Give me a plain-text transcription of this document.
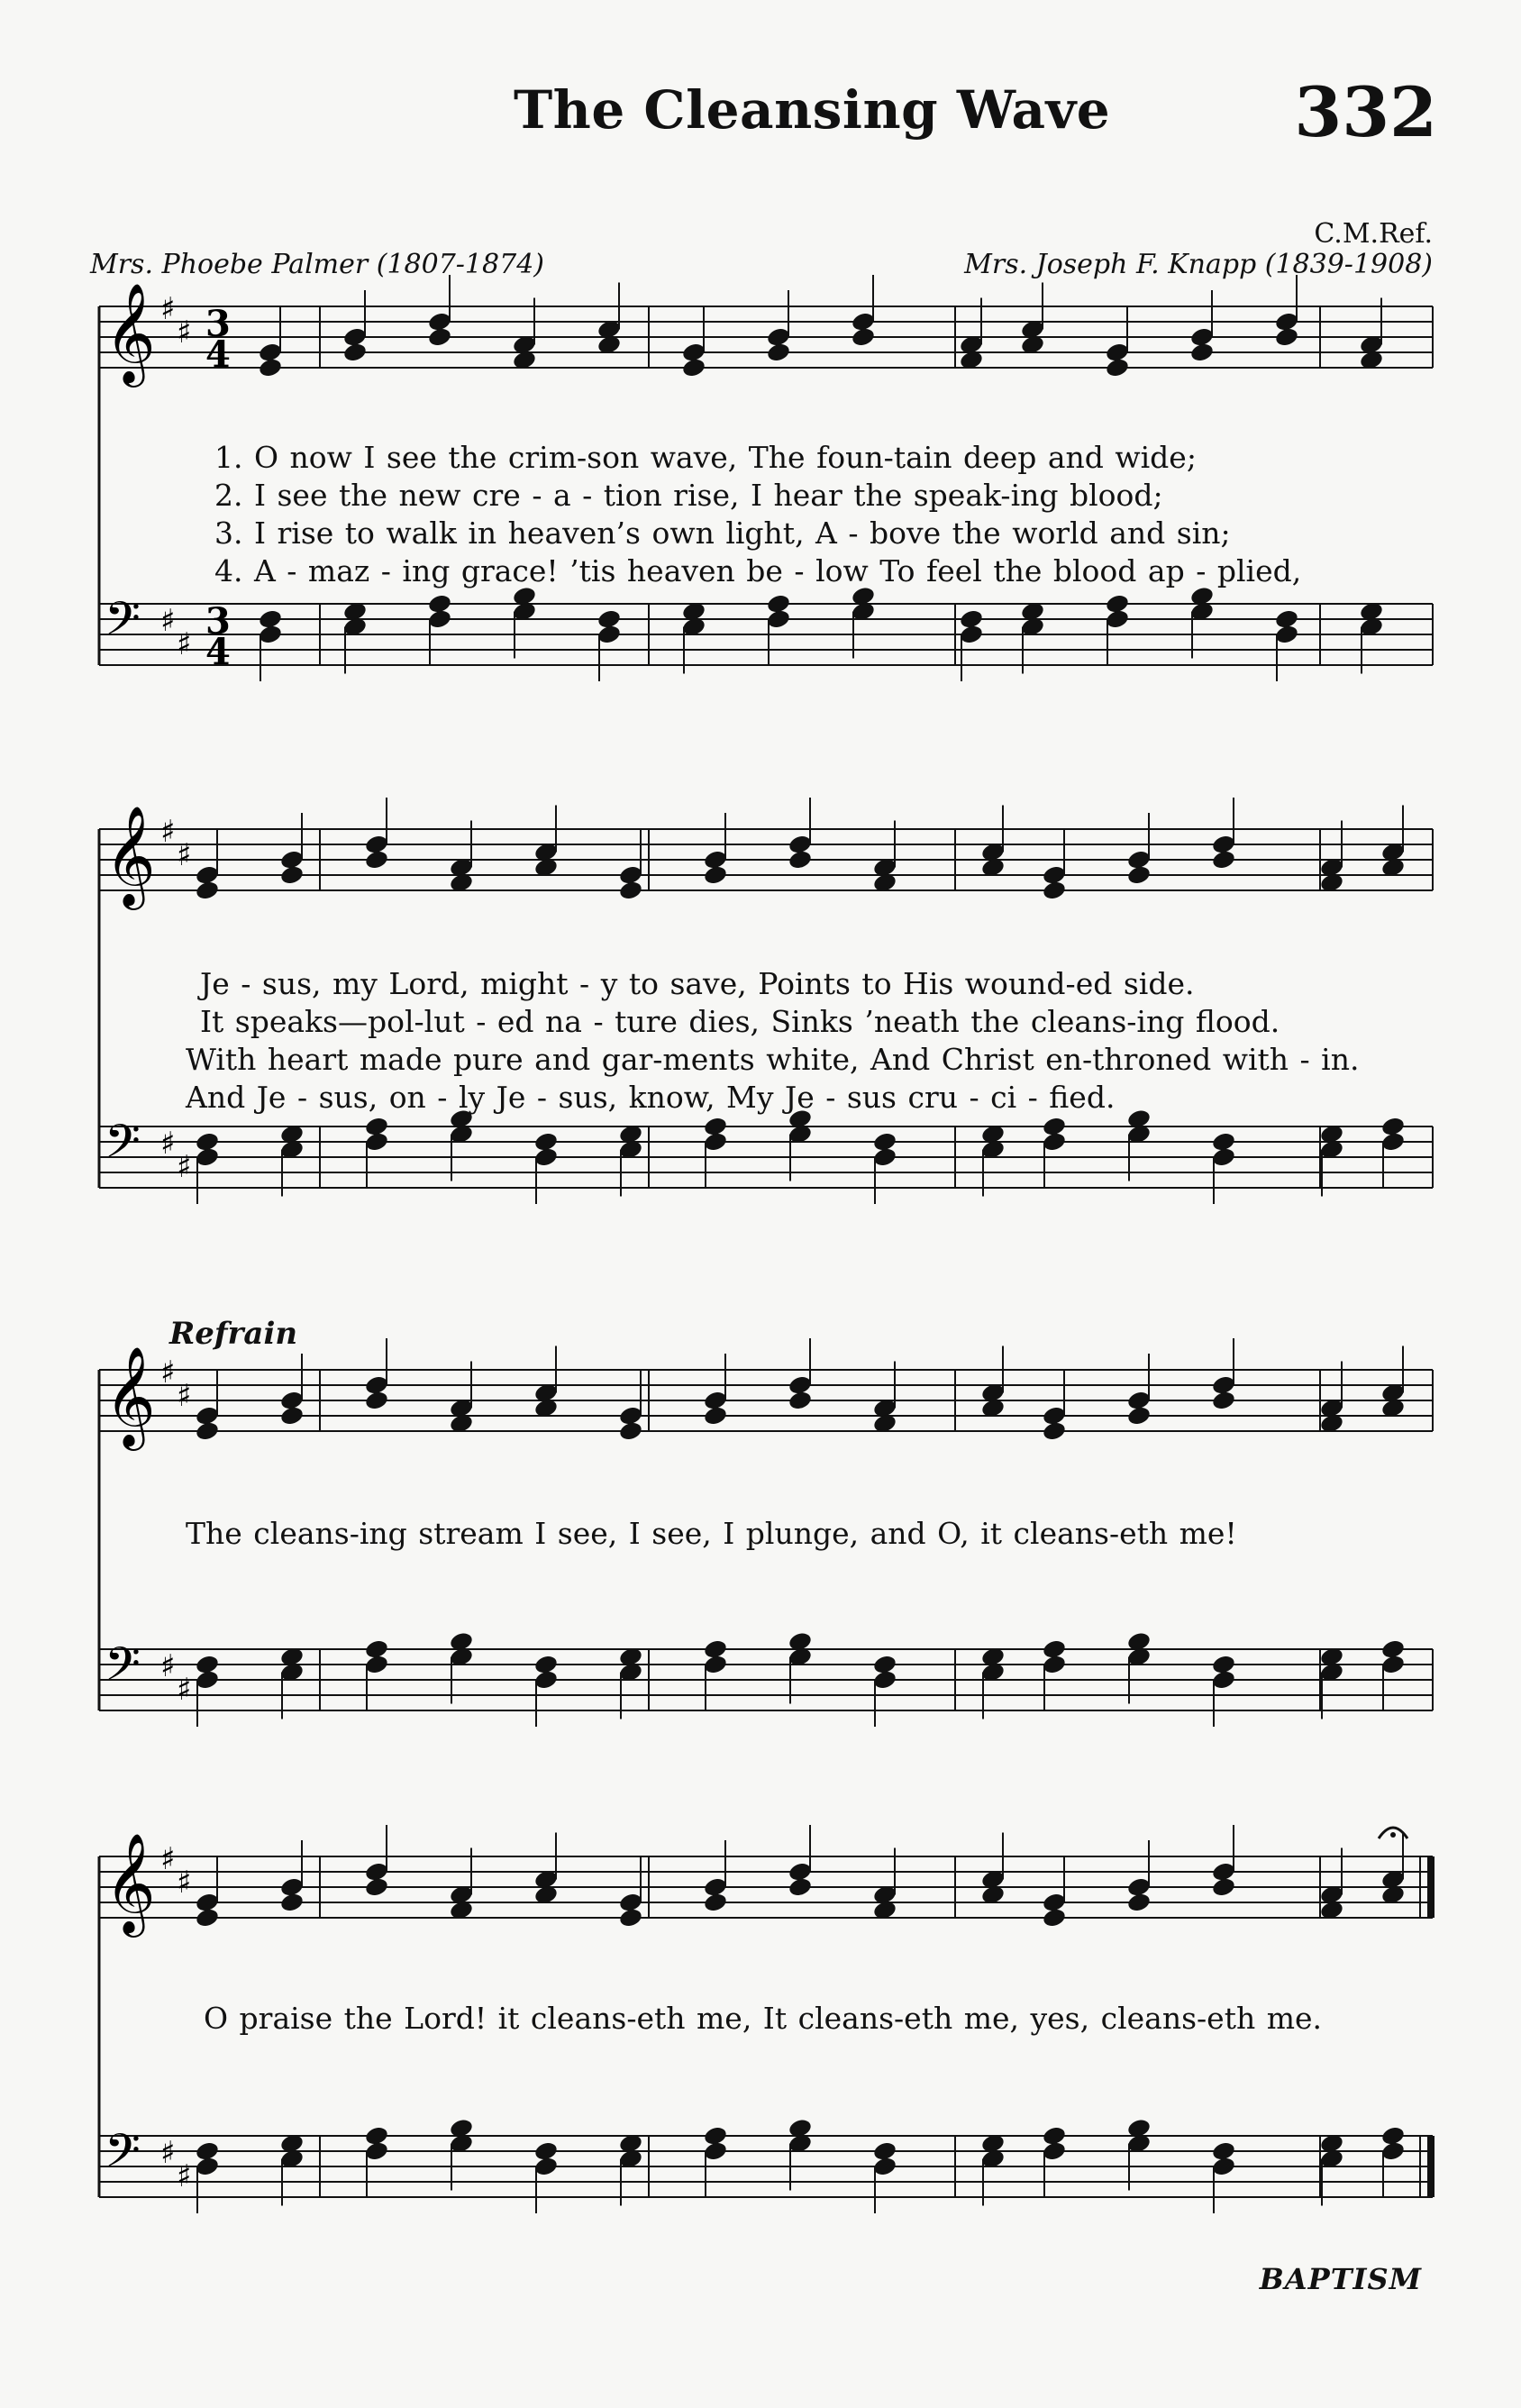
The Cleansing Wave	332
C.M.Ref.
Mrs. Phoebe Palmer (1807-1874)	Mrs. Joseph F. Knapp (1839-1908)
Refrain
𝄞 ♯
♯ 3
4
𝄢 ♯
♯
3
4
1. O now I see the crim-son wave, The foun-tain deep and wide;
2. I see the new cre - a - tion rise, I hear the speak-ing blood;
3. I rise to walk in heaven’s own light, A - bove the world and sin;
4. A - maz - ing grace! ’tis heaven be - low To feel the blood ap - plied,
𝄞 ♯
♯
𝄢 ♯
♯
Je - sus, my Lord, might - y to save, Points to His wound-ed side.
It speaks—pol-lut - ed na - ture dies, Sinks ’neath the cleans-ing flood.
With heart made pure and gar-ments white, And Christ en-throned with - in.
And Je - sus, on - ly Je - sus, know, My Je - sus cru - ci - fied.
𝄞 ♯
♯
𝄢 ♯
♯
The cleans-ing stream I see, I see, I plunge, and O, it cleans-eth me!
𝄞 ♯
♯
𝄢 ♯
♯
O praise the Lord! it cleans-eth me, It cleans-eth me, yes, cleans-eth me.
BAPTISM
